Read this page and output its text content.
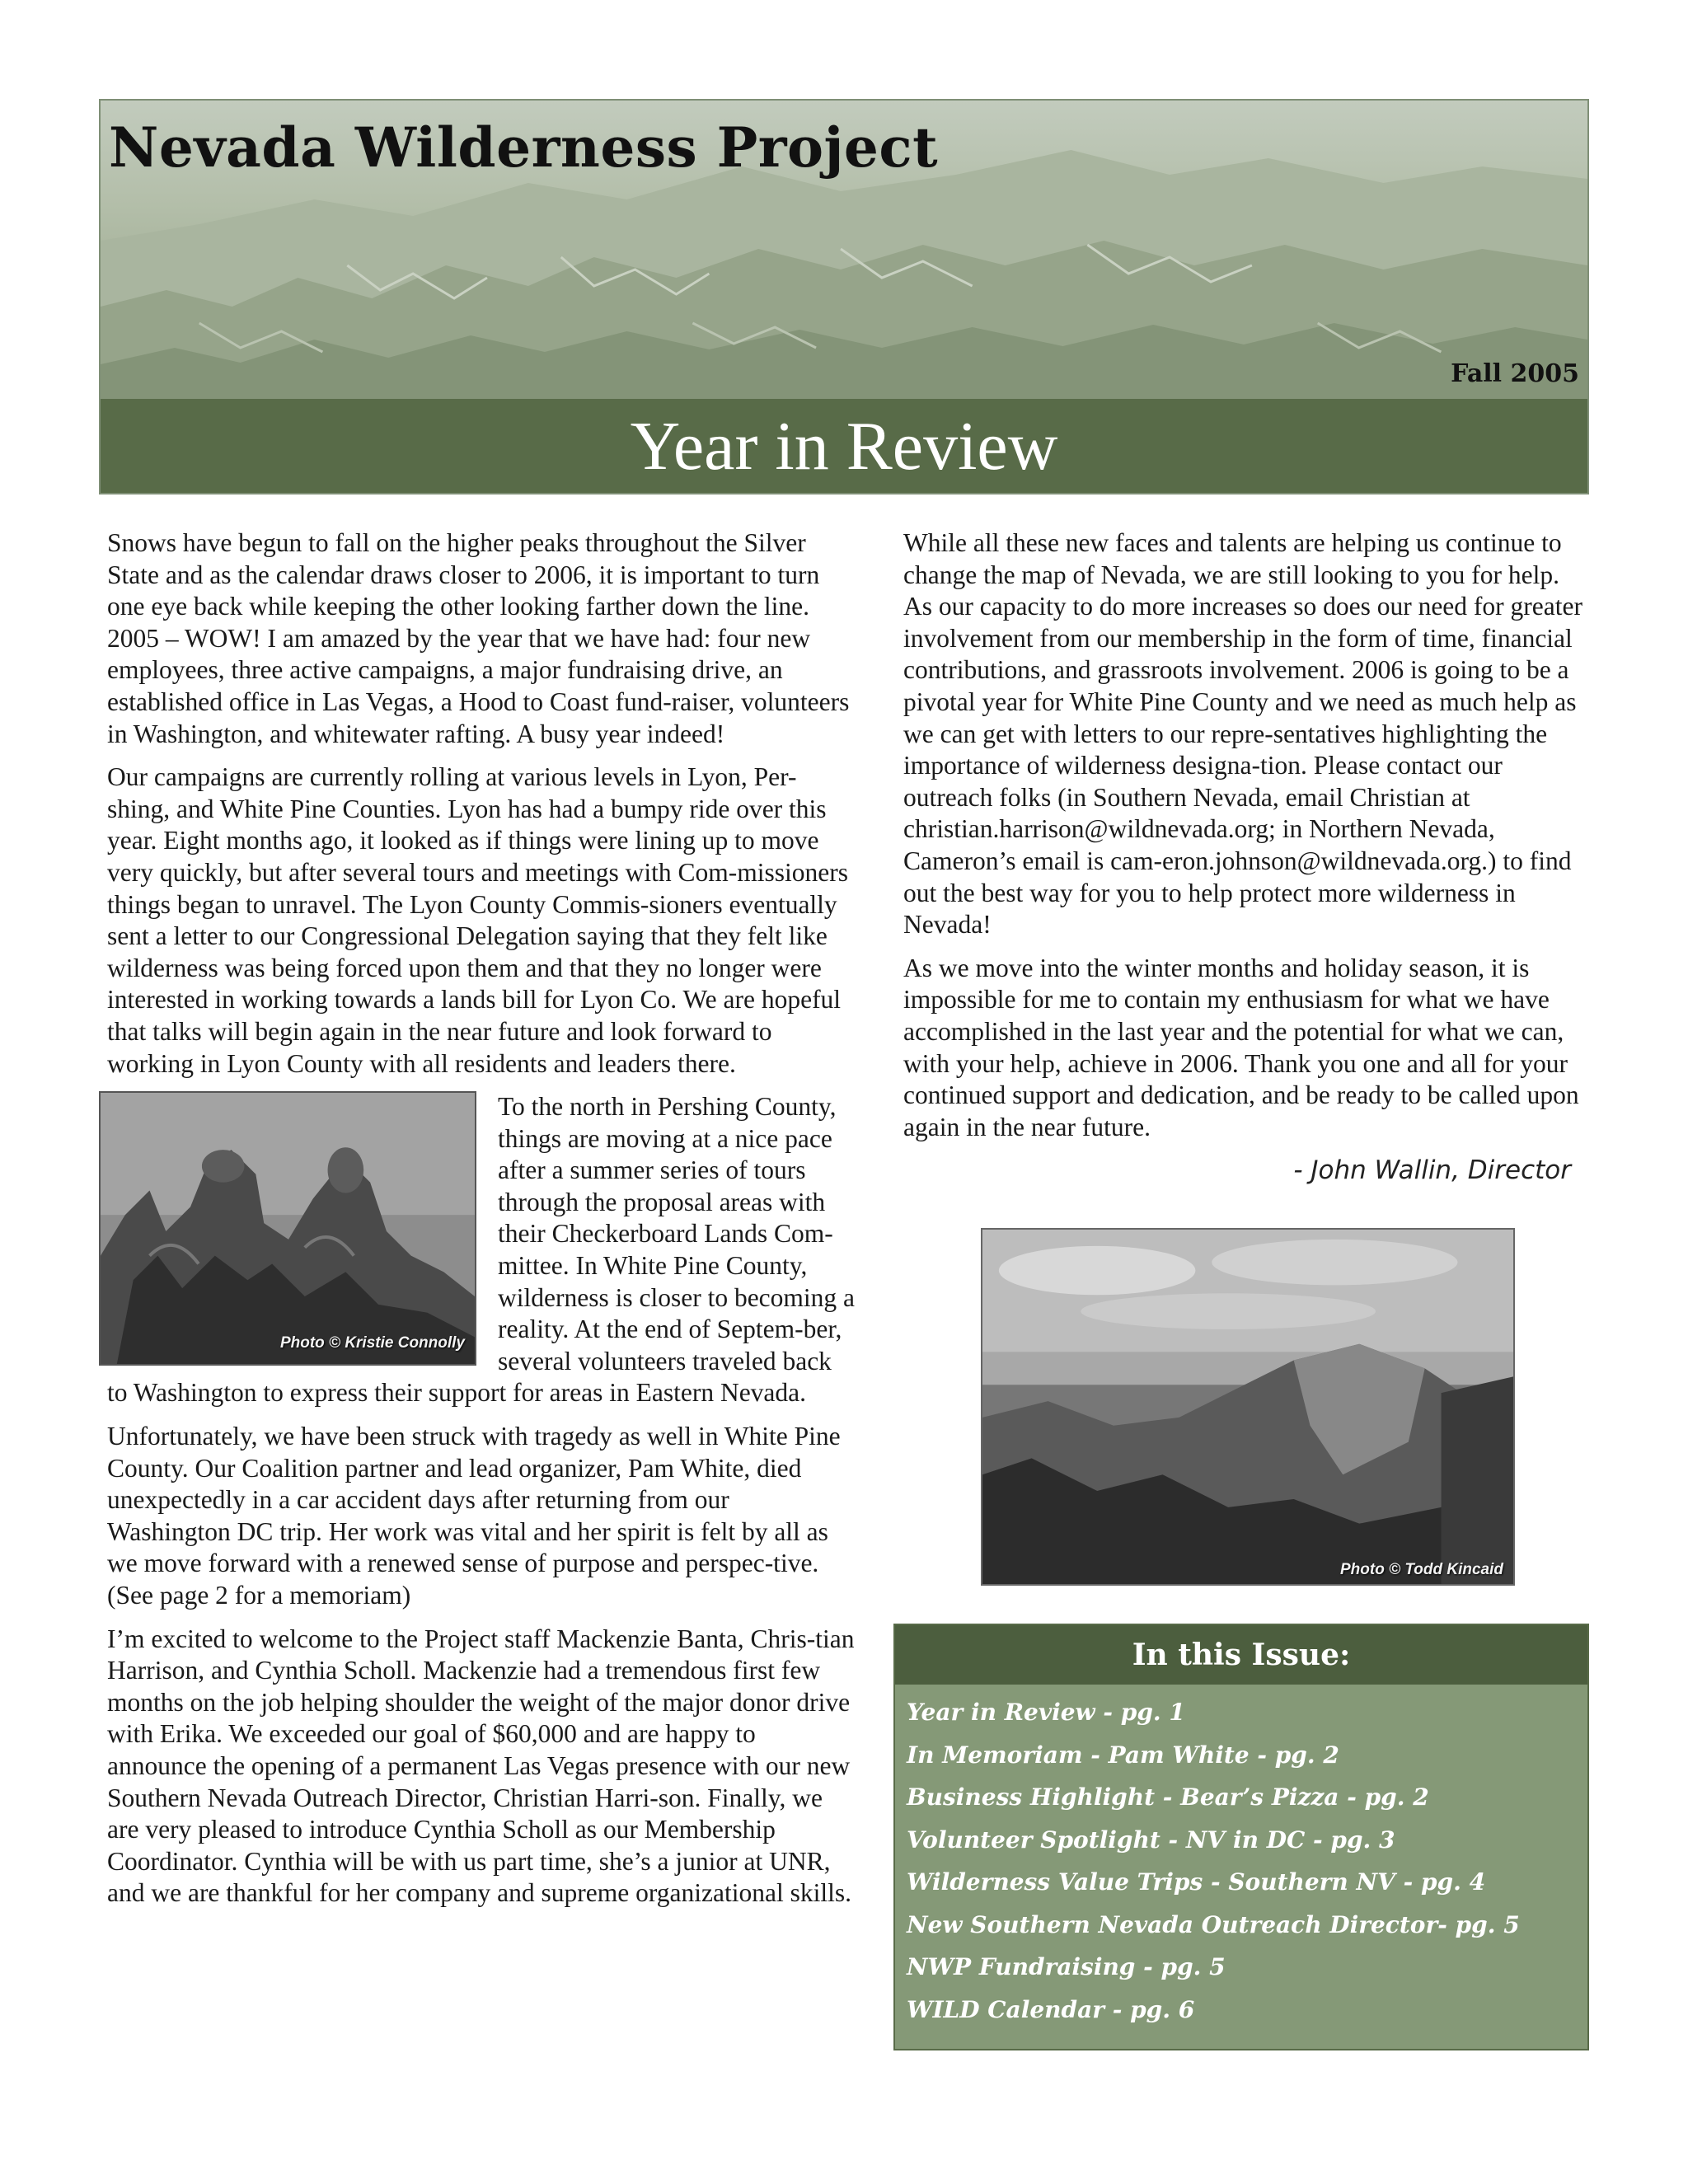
Nevada Wilderness Project
Fall 2005
Year in Review

Snows have begun to fall on the higher peaks throughout the Silver State and as the calendar draws closer to 2006, it is important to turn one eye back while keeping the other looking farther down the line. 2005 – WOW! I am amazed by the year that we have had: four new employees, three active campaigns, a major fundraising drive, an established office in Las Vegas, a Hood to Coast fund-raiser, volunteers in Washington, and whitewater rafting. A busy year indeed!

Our campaigns are currently rolling at various levels in Lyon, Per-shing, and White Pine Counties. Lyon has had a bumpy ride over this year. Eight months ago, it looked as if things were lining up to move very quickly, but after several tours and meetings with Com-missioners things began to unravel. The Lyon County Commis-sioners eventually sent a letter to our Congressional Delegation saying that they felt like wilderness was being forced upon them and that they no longer were interested in working towards a lands bill for Lyon Co. We are hopeful that talks will begin again in the near future and look forward to working in Lyon County with all residents and leaders there.

Photo © Kristie Connolly

To the north in Pershing County, things are moving at a nice pace after a summer series of tours through the proposal areas with their Checkerboard Lands Com-mittee. In White Pine County, wilderness is closer to becoming a reality. At the end of Septem-ber, several volunteers traveled back to Washington to express their support for areas in Eastern Nevada.

Unfortunately, we have been struck with tragedy as well in White Pine County. Our Coalition partner and lead organizer, Pam White, died unexpectedly in a car accident days after returning from our Washington DC trip. Her work was vital and her spirit is felt by all as we move forward with a renewed sense of purpose and perspec-tive. (See page 2 for a memoriam)

I’m excited to welcome to the Project staff Mackenzie Banta, Chris-tian Harrison, and Cynthia Scholl. Mackenzie had a tremendous first few months on the job helping shoulder the weight of the major donor drive with Erika. We exceeded our goal of $60,000 and are happy to announce the opening of a permanent Las Vegas presence with our new Southern Nevada Outreach Director, Christian Harri-son. Finally, we are very pleased to introduce Cynthia Scholl as our Membership Coordinator. Cynthia will be with us part time, she’s a junior at UNR, and we are thankful for her company and supreme organizational skills.

While all these new faces and talents are helping us continue to change the map of Nevada, we are still looking to you for help. As our capacity to do more increases so does our need for greater involvement from our membership in the form of time, financial contributions, and grassroots involvement. 2006 is going to be a pivotal year for White Pine County and we need as much help as we can get with letters to our repre-sentatives highlighting the importance of wilderness designa-tion. Please contact our outreach folks (in Southern Nevada, email Christian at christian.harrison@wildnevada.org; in Northern Nevada, Cameron’s email is cam-eron.johnson@wildnevada.org.) to find out the best way for you to help protect more wilderness in Nevada!

As we move into the winter months and holiday season, it is impossible for me to contain my enthusiasm for what we have accomplished in the last year and the potential for what we can, with your help, achieve in 2006. Thank you one and all for your continued support and dedication, and be ready to be called upon again in the near future.

- John Wallin, Director
Photo © Todd Kincaid
In this Issue:
Year in Review - pg. 1
In Memoriam - Pam White - pg. 2
Business Highlight - Bear’s Pizza - pg. 2
Volunteer Spotlight - NV in DC - pg. 3
Wilderness Value Trips - Southern NV - pg. 4
New Southern Nevada Outreach Director- pg. 5
NWP Fundraising - pg. 5
WILD Calendar - pg. 6
